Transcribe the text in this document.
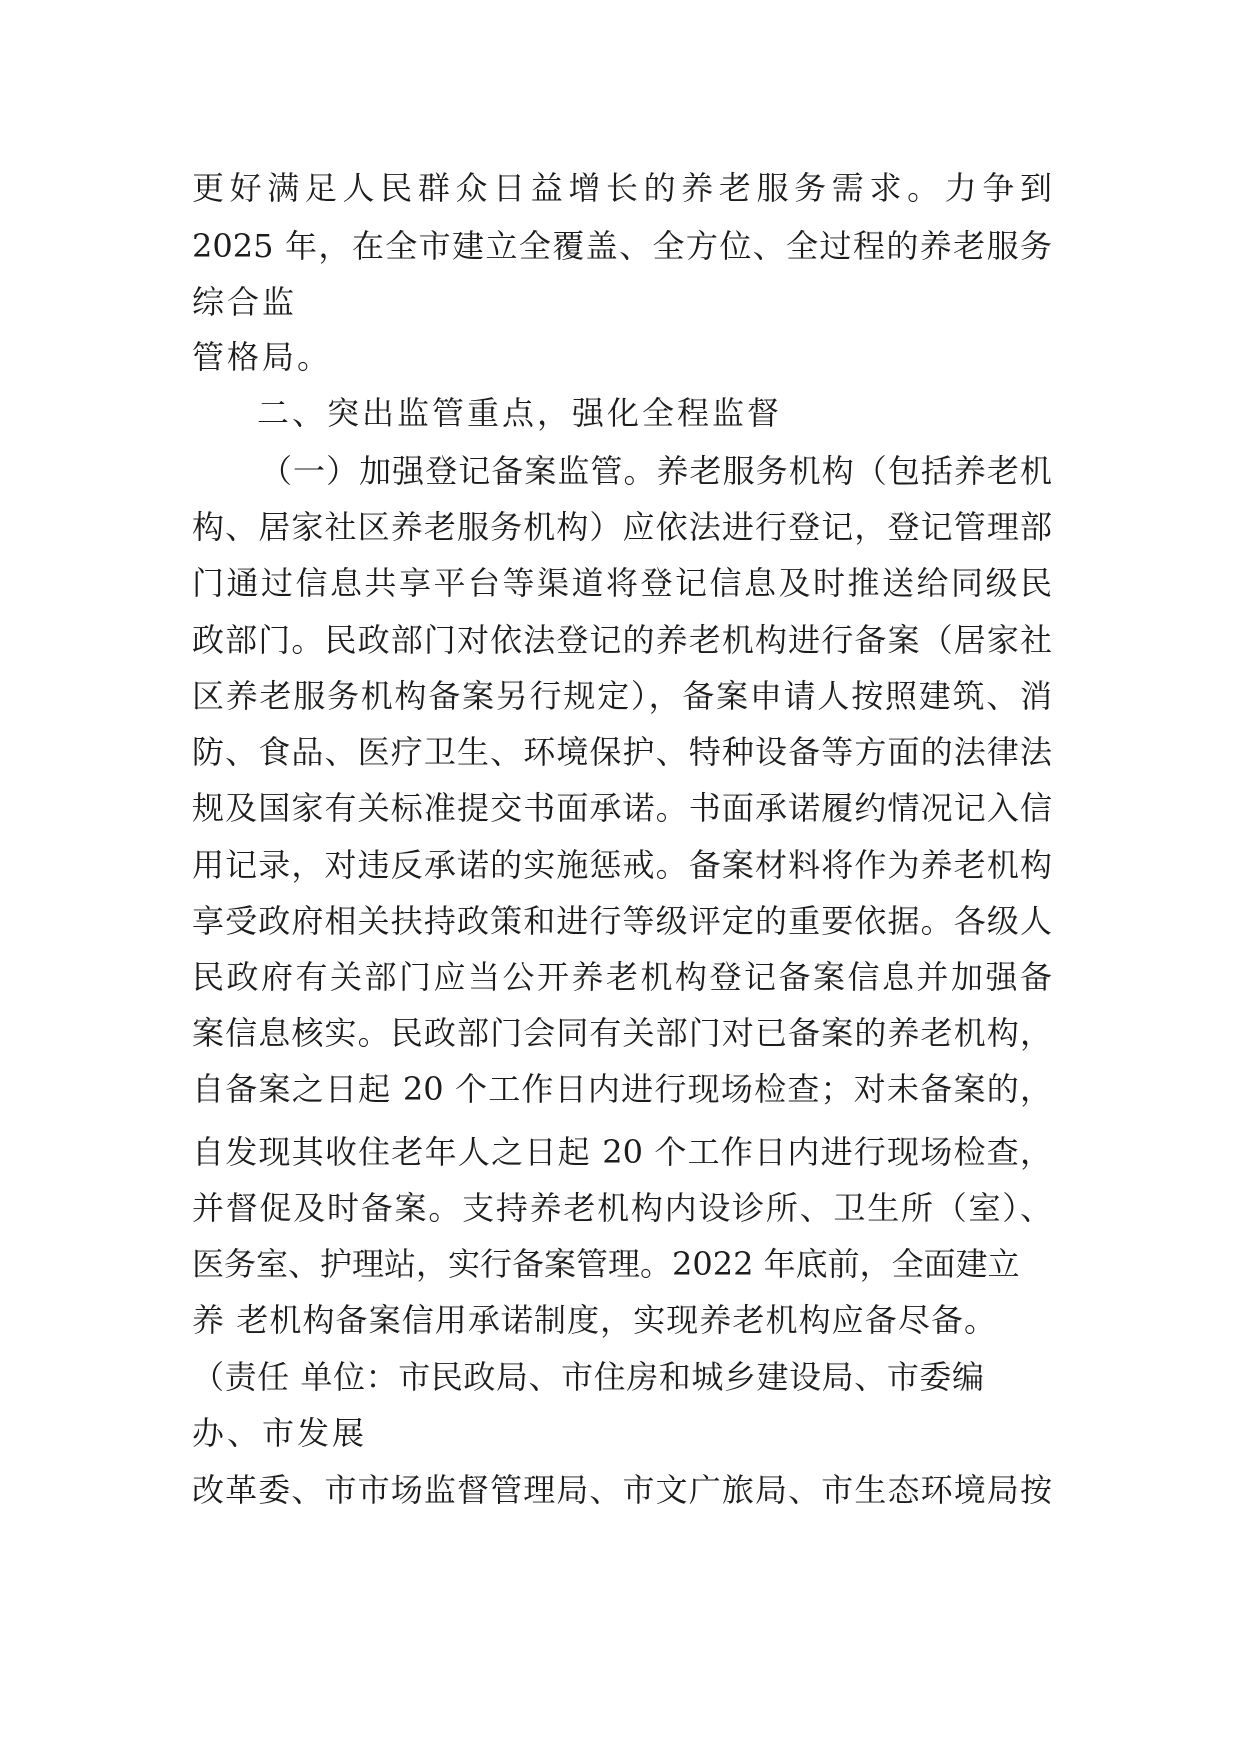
更好满足人民群众日益增长的养老服务需求。力争到
2025 年，在全市建立全覆盖、全方位、全过程的养老服务
综合监
管格局。
二、突出监管重点，强化全程监督
（一）加强登记备案监管。养老服务机构（包括养老机
构、居家社区养老服务机构）应依法进行登记，登记管理部
门通过信息共享平台等渠道将登记信息及时推送给同级民
政部门。民政部门对依法登记的养老机构进行备案（居家社
区养老服务机构备案另行规定），备案申请人按照建筑、消
防、食品、医疗卫生、环境保护、特种设备等方面的法律法
规及国家有关标准提交书面承诺。书面承诺履约情况记入信
用记录，对违反承诺的实施惩戒。备案材料将作为养老机构
享受政府相关扶持政策和进行等级评定的重要依据。各级人
民政府有关部门应当公开养老机构登记备案信息并加强备
案信息核实。民政部门会同有关部门对已备案的养老机构，
自备案之日起 20 个工作日内进行现场检查；对未备案的，
自发现其收住老年人之日起 20 个工作日内进行现场检查，
并督促及时备案。支持养老机构内设诊所、卫生所（室）、
医务室、护理站，实行备案管理。2022 年底前，全面建立
养 老机构备案信用承诺制度，实现养老机构应备尽备。
（责任 单位：市民政局、市住房和城乡建设局、市委编
办、市发展
改革委、市市场监督管理局、市文广旅局、市生态环境局按
